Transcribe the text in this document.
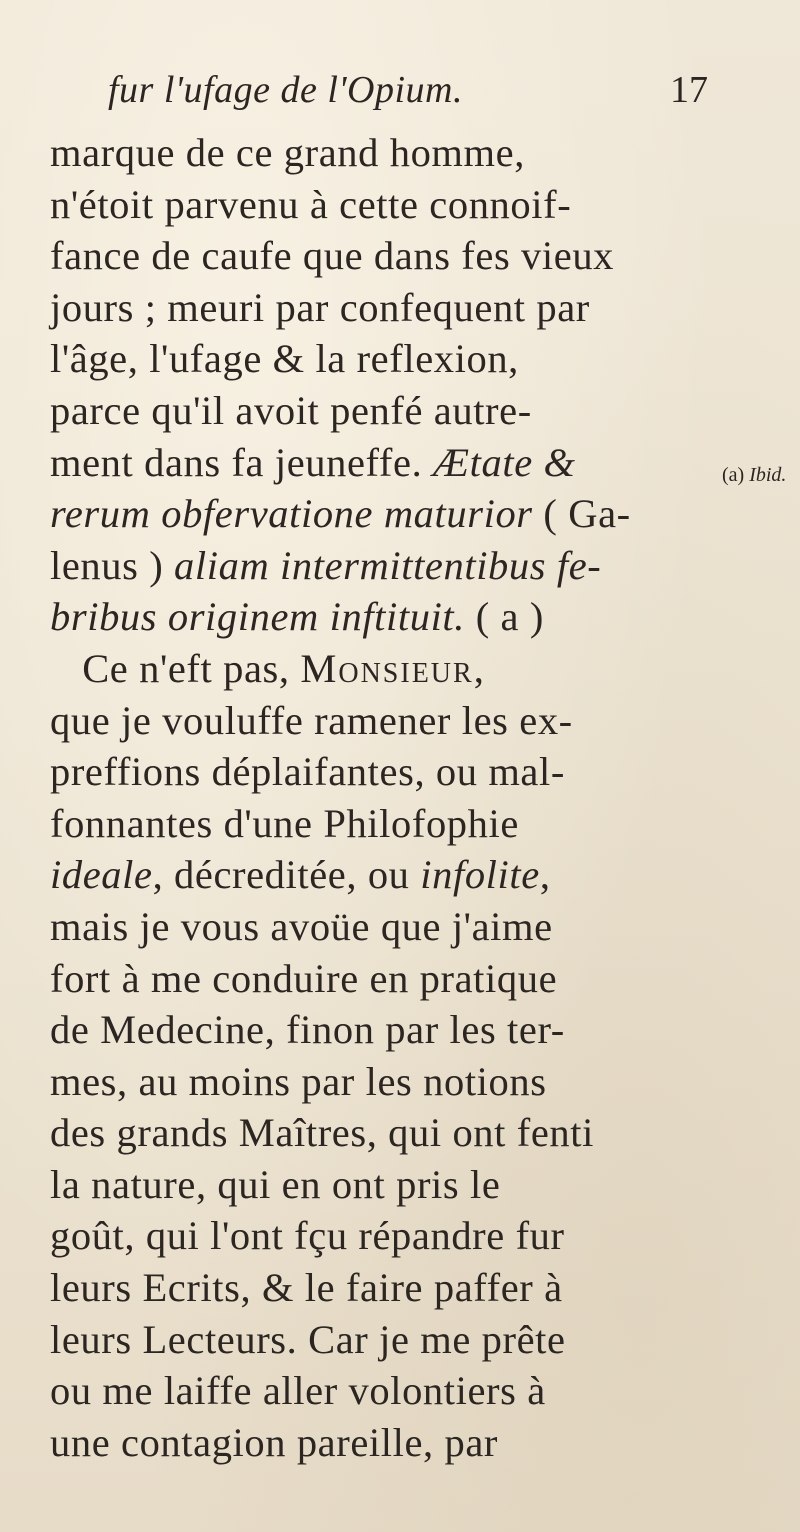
fur l'ufage de l'Opium.	17
marque de ce grand homme,
n'étoit parvenu à cette connoif-
fance de caufe que dans fes vieux
jours ; meuri par confequent par
l'âge, l'ufage & la reflexion,
parce qu'il avoit penfé autre-
ment dans fa jeuneffe. Ætate &
rerum obfervatione maturior ( Ga-
lenus ) aliam intermittentibus fe-
bribus originem inftituit. ( a )
Ce n'eft pas, Monsieur,
que je vouluffe ramener les ex-
preffions déplaifantes, ou mal-
fonnantes d'une Philofophie
ideale, décreditée, ou infolite,
mais je vous avoüe que j'aime
fort à me conduire en pratique
de Medecine, finon par les ter-
mes, au moins par les notions
des grands Maîtres, qui ont fenti
la nature, qui en ont pris le
goût, qui l'ont fçu répandre fur
leurs Ecrits, & le faire paffer à
leurs Lecteurs. Car je me prête
ou me laiffe aller volontiers à
une contagion pareille, par
(a) Ibid.
